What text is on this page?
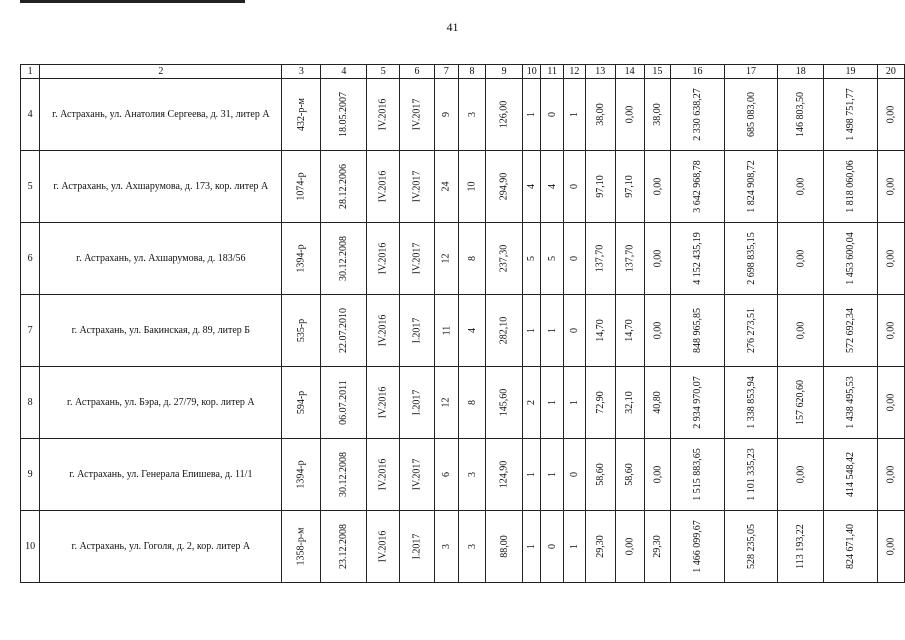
41
1	2	3	4	5	6	7	8	9	10	11	12	13	14	15	16	17	18	19	20
4	г. Астрахань, ул. Анатолия Сергеева, д. 31, литер А	432-р-м	18.05.2007	IV.2016	IV.2017	9	3	126,00	1	0	1	38,00	0,00	38,00	2 330 638,27	685 083,00	146 803,50	1 498 751,77	0,00
5	г. Астрахань, ул. Ахшарумова, д. 173, кор. литер А	1074-р	28.12.2006	IV.2016	IV.2017	24	10	294,90	4	4	0	97,10	97,10	0,00	3 642 968,78	1 824 908,72	0,00	1 818 060,06	0,00
6	г. Астрахань, ул. Ахшарумова, д. 183/56	1394-р	30.12.2008	IV.2016	IV.2017	12	8	237,30	5	5	0	137,70	137,70	0,00	4 152 435,19	2 698 835,15	0,00	1 453 600,04	0,00
7	г. Астрахань, ул. Бакинская, д. 89, литер Б	535-р	22.07.2010	IV.2016	I.2017	11	4	282,10	1	1	0	14,70	14,70	0,00	848 965,85	276 273,51	0,00	572 692,34	0,00
8	г. Астрахань, ул. Бэра, д. 27/79, кор. литер А	594-р	06.07.2011	IV.2016	I.2017	12	8	145,60	2	1	1	72,90	32,10	40,80	2 934 970,07	1 338 853,94	157 620,60	1 438 495,53	0,00
9	г. Астрахань, ул. Генерала Епишева, д. 11/1	1394-р	30.12.2008	IV.2016	IV.2017	6	3	124,90	1	1	0	58,60	58,60	0,00	1 515 883,65	1 101 335,23	0,00	414 548,42	0,00
10	г. Астрахань, ул. Гоголя, д. 2, кор. литер А	1358-р-м	23.12.2008	IV.2016	I.2017	3	3	88,00	1	0	1	29,30	0,00	29,30	1 466 099,67	528 235,05	113 193,22	824 671,40	0,00
